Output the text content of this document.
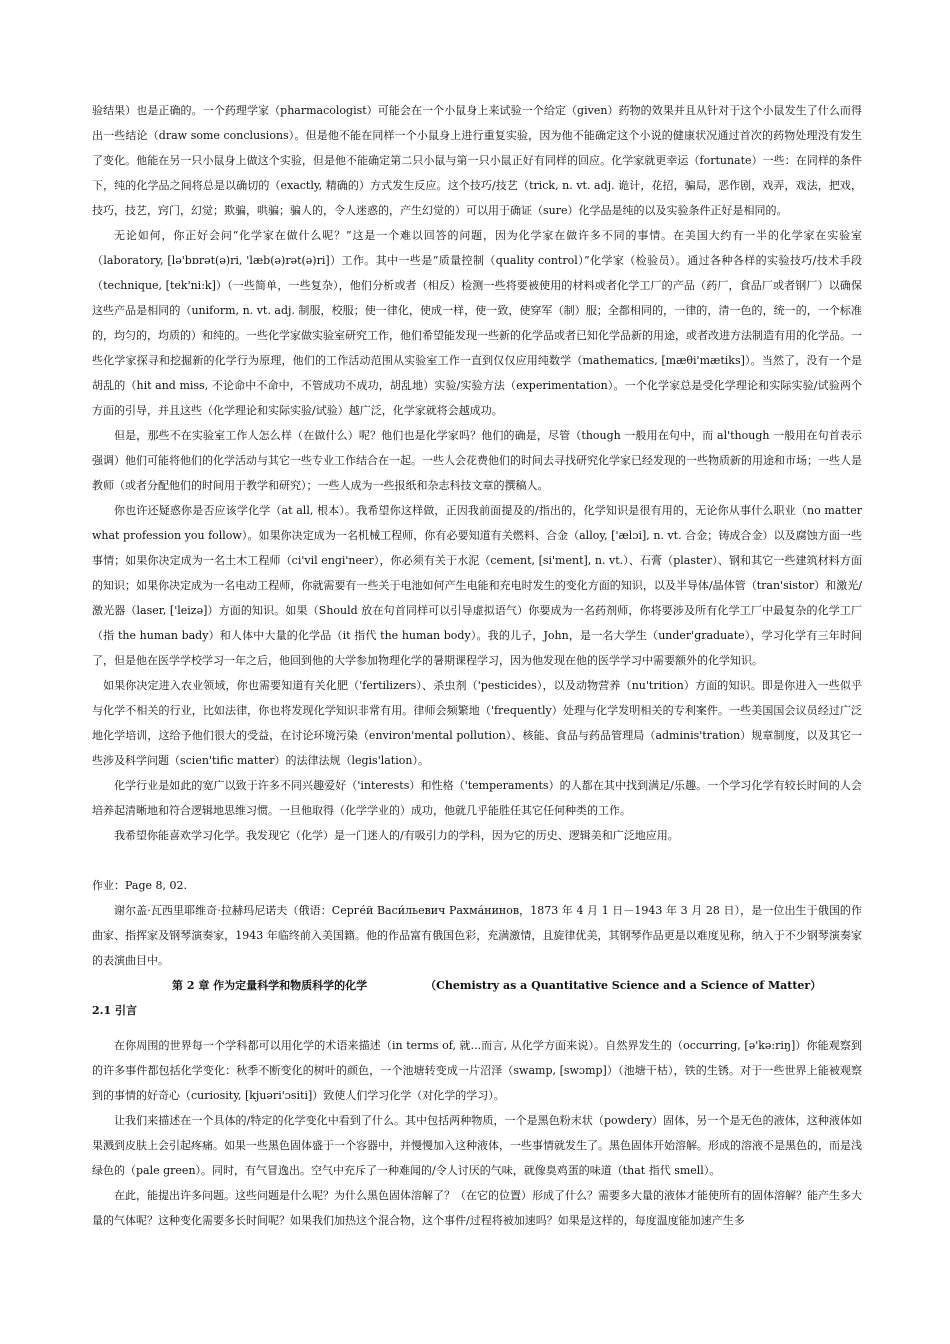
验结果）也是正确的。一个药理学家（pharmacologist）可能会在一个小鼠身上来试验一个给定（given）药物的效果并且从针对于这个小鼠发生了什么而得出一些结论（draw some conclusions）。但是他不能在同样一个小鼠身上进行重复实验，因为他不能确定这个小说的健康状况通过首次的药物处理没有发生了变化。他能在另一只小鼠身上做这个实验，但是他不能确定第二只小鼠与第一只小鼠正好有同样的回应。化学家就更幸运（fortunate）一些：在同样的条件下，纯的化学品之间将总是以确切的（exactly, 精确的）方式发生反应。这个技巧/技艺（trick, n. vt. adj. 诡计，花招，骗局，恶作剧，戏弄，戏法，把戏，技巧，技艺，窍门，幻觉；欺骗，哄骗；骗人的，令人迷惑的，产生幻觉的）可以用于确证（sure）化学品是纯的以及实验条件正好是相同的。

无论如何，你正好会问“化学家在做什么呢？”这是一个难以回答的问题，因为化学家在做许多不同的事情。在美国大约有一半的化学家在实验室（laboratory, [lə'bɒrət(ə)ri, 'læb(ə)rət(ə)ri]）工作。其中一些是“质量控制（quality control）”化学家（检验员）。通过各种各样的实验技巧/技术手段（technique, [tek'ni:k]）（一些简单，一些复杂），他们分析或者（相反）检测一些将要被使用的材料或者化学工厂的产品（药厂，食品厂或者钢厂）以确保这些产品是相同的（uniform, n. vt. adj. 制服，校服；使一律化，使成一样，使一致，使穿军（制）服；全都相同的，一律的，清一色的，统一的，一个标准的，均匀的，均质的）和纯的。一些化学家做实验室研究工作，他们希望能发现一些新的化学品或者已知化学品新的用途，或者改进方法制造有用的化学品。一些化学家探寻和挖掘新的化学行为原理，他们的工作活动范围从实验室工作一直到仅仅应用纯数学（mathematics, [mæθi'mætiks]）。当然了，没有一个是胡乱的（hit and miss, 不论命中不命中，不管成功不成功，胡乱地）实验/实验方法（experimentation）。一个化学家总是受化学理论和实际实验/试验两个方面的引导，并且这些（化学理论和实际实验/试验）越广泛，化学家就将会越成功。

但是，那些不在实验室工作人怎么样（在做什么）呢？他们也是化学家吗？他们的确是，尽管（though 一般用在句中，而 al'though 一般用在句首表示强调）他们可能将他们的化学活动与其它一些专业工作结合在一起。一些人会花费他们的时间去寻找研究化学家已经发现的一些物质新的用途和市场；一些人是教师（或者分配他们的时间用于教学和研究）；一些人成为一些报纸和杂志科技文章的撰稿人。

你也许还疑惑你是否应该学化学（at all, 根本）。我希望你这样做，正因我前面提及的/指出的，化学知识是很有用的，无论你从事什么职业（no matter what profession you follow）。如果你决定成为一名机械工程师，你有必要知道有关燃料、合金（alloy, ['ælɔi], n. vt. 合金；铸成合金）以及腐蚀方面一些事情；如果你决定成为一名土木工程师（ci'vil engi'neer），你必须有关于水泥（cement, [si'ment], n. vt.）、石膏（plaster）、钢和其它一些建筑材料方面的知识；如果你决定成为一名电动工程师，你就需要有一些关于电池如何产生电能和充电时发生的变化方面的知识，以及半导体/晶体管（tran'sistor）和激光/激光器（laser, ['leizə]）方面的知识。如果（Should 放在句首同样可以引导虚拟语气）你要成为一名药剂师，你将要涉及所有化学工厂中最复杂的化学工厂（指 the human bady）和人体中大量的化学品（it 指代 the human body）。我的儿子，John，是一名大学生（under'graduate），学习化学有三年时间了，但是他在医学学校学习一年之后，他回到他的大学参加物理化学的暑期课程学习，因为他发现在他的医学学习中需要额外的化学知识。

如果你决定进入农业领域，你也需要知道有关化肥（'fertilizers）、杀虫剂（'pesticides），以及动物营养（nu'trition）方面的知识。即是你进入一些似乎与化学不相关的行业，比如法律，你也将发现化学知识非常有用。律师会频繁地（'frequently）处理与化学发明相关的专利案件。一些美国国会议员经过广泛地化学培训，这给予他们很大的受益，在讨论环境污染（environ'mental pollution）、核能、食品与药品管理局（adminis'tration）规章制度，以及其它一些涉及科学问题（scien'tific matter）的法律法规（legis'lation）。

化学行业是如此的宽广以致于许多不同兴趣爱好（'interests）和性格（'temperaments）的人都在其中找到满足/乐趣。一个学习化学有较长时间的人会培养起清晰地和符合逻辑地思维习惯。一旦他取得（化学学业的）成功，他就几乎能胜任其它任何种类的工作。

我希望你能喜欢学习化学。我发现它（化学）是一门迷人的/有吸引力的学科，因为它的历史、逻辑美和广泛地应用。

作业：Page 8, 02.

谢尔盖·瓦西里耶维奇·拉赫玛尼诺夫（俄语：Серге́й Васи́льевич Рахма́нинов，1873 年 4 月 1 日－1943 年 3 月 28 日），是一位出生于俄国的作曲家、指挥家及钢琴演奏家，1943 年临终前入美国籍。他的作品富有俄国色彩，充满激情，且旋律优美，其钢琴作品更是以难度见称，纳入于不少钢琴演奏家的表演曲目中。

第 2 章 作为定量科学和物质科学的化学	（Chemistry as a Quantitative Science and a Science of Matter）

2.1 引言

在你周围的世界每一个学科都可以用化学的术语来描述（in terms of, 就...而言, 从化学方面来说）。自然界发生的（occurring, [ə'kə:riŋ]）你能观察到的许多事件都包括化学变化：秋季不断变化的树叶的颜色，一个池塘转变成一片沼泽（swamp, [swɔmp]）（池塘干枯），铁的生锈。对于一些世界上能被观察到的事情的好奇心（curiosity, [kjuəri'ɔsiti]）致使人们学习化学（对化学的学习）。

让我们来描述在一个具体的/特定的化学变化中看到了什么。其中包括两种物质，一个是黑色粉末状（powdery）固体，另一个是无色的液体，这种液体如果溅到皮肤上会引起疼痛。如果一些黑色固体盛于一个容器中，并慢慢加入这种液体，一些事情就发生了。黑色固体开始溶解。形成的溶液不是黑色的，而是浅绿色的（pale green）。同时，有气冒逸出。空气中充斥了一种难闻的/令人讨厌的气味，就像臭鸡蛋的味道（that 指代 smell）。

在此，能提出许多问题。这些问题是什么呢？为什么黑色固体溶解了？（在它的位置）形成了什么？需要多大量的液体才能使所有的固体溶解？能产生多大量的气体呢？这种变化需要多长时间呢？如果我们加热这个混合物，这个事件/过程将被加速吗？如果是这样的，每度温度能加速产生多
